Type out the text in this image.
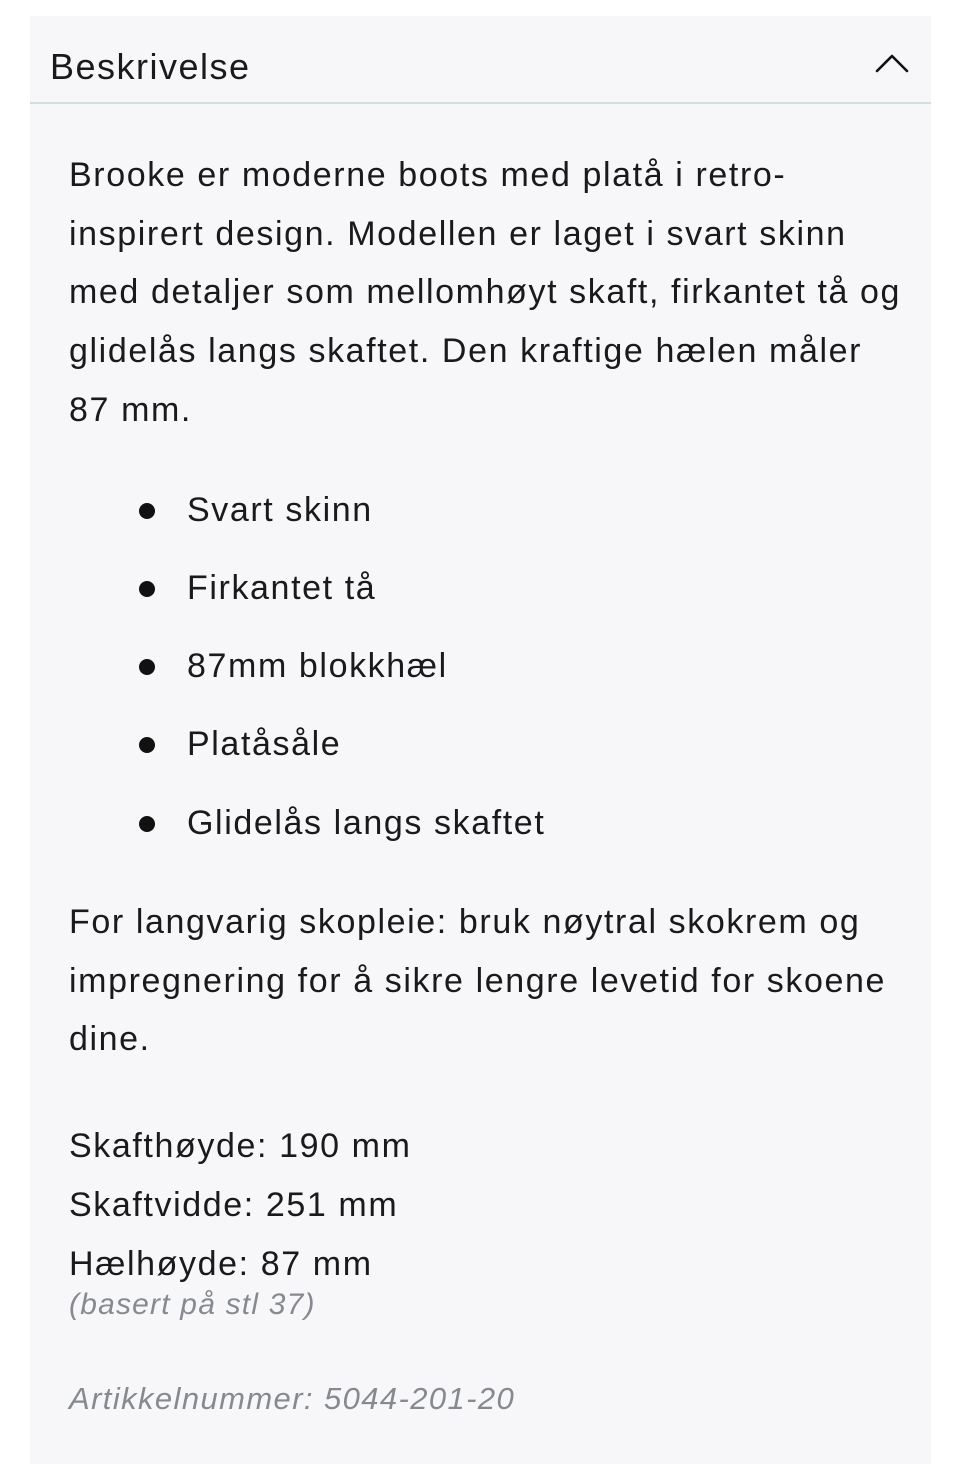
Beskrivelse

Brooke er moderne boots med platå i retro-inspirert design. Modellen er laget i svart skinn med detaljer som mellomhøyt skaft, firkantet tå og glidelås langs skaftet. Den kraftige hælen måler 87 mm.

Svart skinn
Firkantet tå
87mm blokkhæl
Platåsåle
Glidelås langs skaftet

For langvarig skopleie: bruk nøytral skokrem og impregnering for å sikre lengre levetid for skoene dine.

Skafthøyde: 190 mm
Skaftvidde: 251 mm
Hælhøyde: 87 mm
(basert på stl 37)
Artikkelnummer: 5044-201-20
